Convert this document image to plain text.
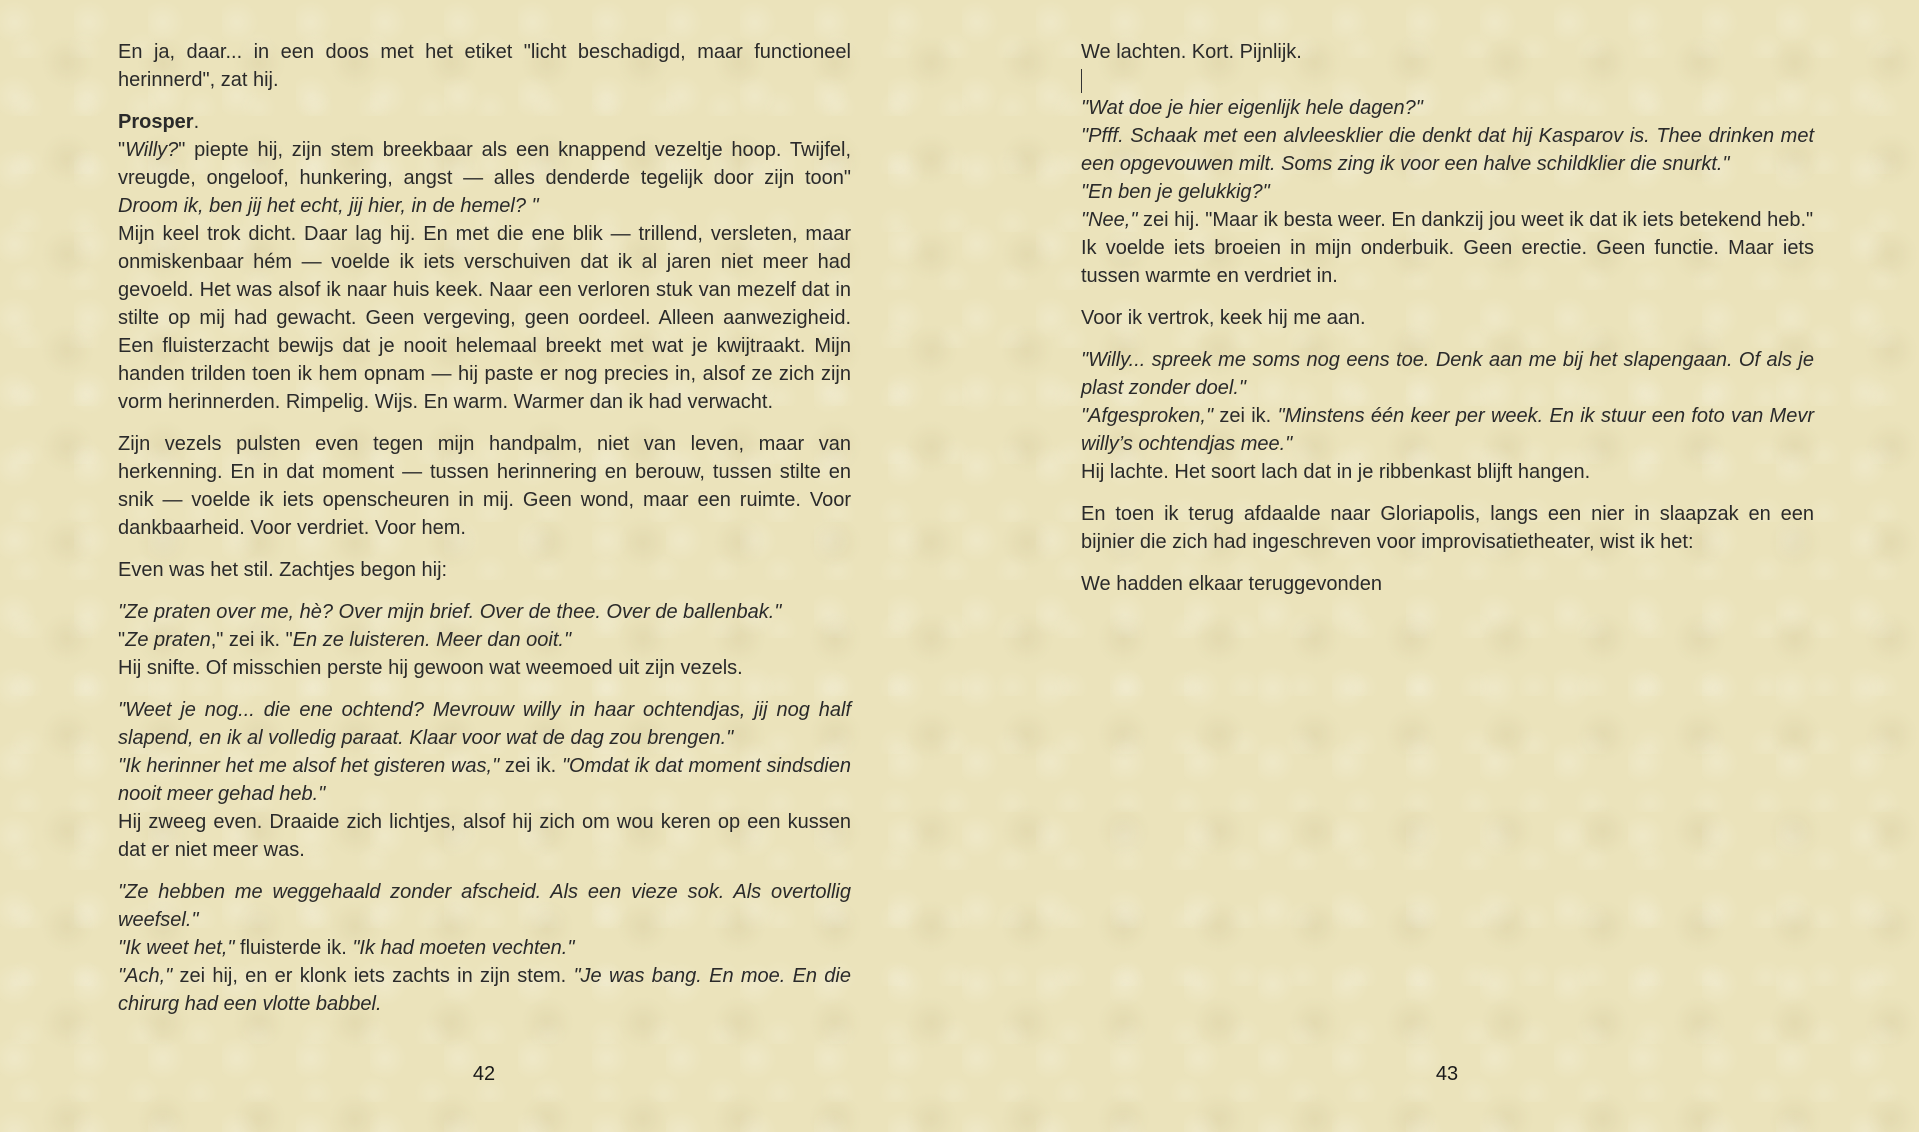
En ja, daar... in een doos met het etiket "licht beschadigd, maar functioneel herinnerd", zat hij.

Prosper.

"Willy?" piepte hij, zijn stem breekbaar als een knappend vezeltje hoop. Twijfel, vreugde, ongeloof, hunkering, angst — alles denderde tegelijk door zijn toon" Droom ik, ben jij het echt, jij hier, in de hemel? "

Mijn keel trok dicht. Daar lag hij. En met die ene blik — trillend, versleten, maar onmiskenbaar hém — voelde ik iets verschuiven dat ik al jaren niet meer had gevoeld. Het was alsof ik naar huis keek. Naar een verloren stuk van mezelf dat in stilte op mij had gewacht. Geen vergeving, geen oordeel. Alleen aanwezigheid. Een fluisterzacht bewijs dat je nooit helemaal breekt met wat je kwijtraakt. Mijn handen trilden toen ik hem opnam — hij paste er nog precies in, alsof ze zich zijn vorm herinnerden. Rimpelig. Wijs. En warm. Warmer dan ik had verwacht.

Zijn vezels pulsten even tegen mijn handpalm, niet van leven, maar van herkenning. En in dat moment — tussen herinnering en berouw, tussen stilte en snik — voelde ik iets openscheuren in mij. Geen wond, maar een ruimte. Voor dankbaarheid. Voor verdriet. Voor hem.

Even was het stil. Zachtjes begon hij:

"Ze praten over me, hè? Over mijn brief. Over de thee. Over de ballenbak."

"Ze praten," zei ik. "En ze luisteren. Meer dan ooit."

Hij snifte. Of misschien perste hij gewoon wat weemoed uit zijn vezels.

"Weet je nog... die ene ochtend? Mevrouw willy in haar ochtendjas, jij nog half slapend, en ik al volledig paraat. Klaar voor wat de dag zou brengen."

"Ik herinner het me alsof het gisteren was," zei ik. "Omdat ik dat moment sindsdien nooit meer gehad heb."

Hij zweeg even. Draaide zich lichtjes, alsof hij zich om wou keren op een kussen dat er niet meer was.

"Ze hebben me weggehaald zonder afscheid. Als een vieze sok. Als overtollig weefsel."

"Ik weet het," fluisterde ik. "Ik had moeten vechten."

"Ach," zei hij, en er klonk iets zachts in zijn stem. "Je was bang. En moe. En die chirurg had een vlotte babbel.

42

We lachten. Kort. Pijnlijk.

"Wat doe je hier eigenlijk hele dagen?"

"Pfff. Schaak met een alvleesklier die denkt dat hij Kasparov is. Thee drinken met een opgevouwen milt. Soms zing ik voor een halve schildklier die snurkt."

"En ben je gelukkig?"

"Nee," zei hij. "Maar ik besta weer. En dankzij jou weet ik dat ik iets betekend heb."

Ik voelde iets broeien in mijn onderbuik. Geen erectie. Geen functie. Maar iets tussen warmte en verdriet in.

Voor ik vertrok, keek hij me aan.

"Willy... spreek me soms nog eens toe. Denk aan me bij het slapengaan. Of als je plast zonder doel."

"Afgesproken," zei ik. "Minstens één keer per week. En ik stuur een foto van Mevr willy’s ochtendjas mee."

Hij lachte. Het soort lach dat in je ribbenkast blijft hangen.

En toen ik terug afdaalde naar Gloriapolis, langs een nier in slaapzak en een bijnier die zich had ingeschreven voor improvisatietheater, wist ik het:

We hadden elkaar teruggevonden

43
